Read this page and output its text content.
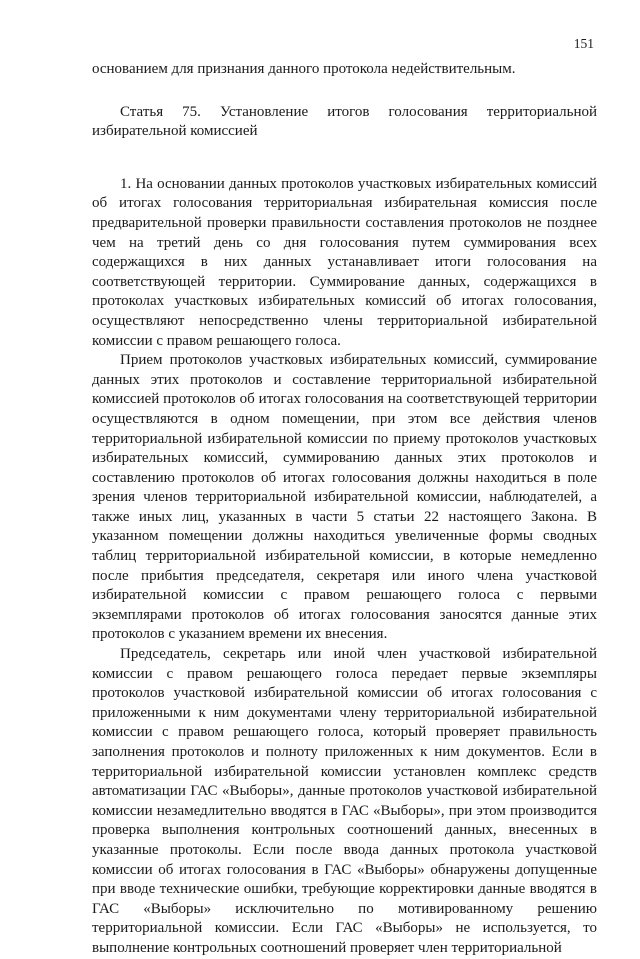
151

основанием для признания данного протокола недействительным.

Статья 75. Установление итогов голосования территориальной избирательной комиссией

1. На основании данных протоколов участковых избирательных комиссий об итогах голосования территориальная избирательная комиссия после предварительной проверки правильности составления протоколов не позднее чем на третий день со дня голосования путем суммирования всех содержащихся в них данных устанавливает итоги голосования на соответствующей территории. Суммирование данных, содержащихся в протоколах участковых избирательных комиссий об итогах голосования, осуществляют непосредственно члены территориальной избирательной комиссии с правом решающего голоса.

Прием протоколов участковых избирательных комиссий, суммирование данных этих протоколов и составление территориальной избирательной комиссией протоколов об итогах голосования на соответствующей территории осуществляются в одном помещении, при этом все действия членов территориальной избирательной комиссии по приему протоколов участковых избирательных комиссий, суммированию данных этих протоколов и составлению протоколов об итогах голосования должны находиться в поле зрения членов территориальной избирательной комиссии, наблюдателей, а также иных лиц, указанных в части 5 статьи 22 настоящего Закона. В указанном помещении должны находиться увеличенные формы сводных таблиц территориальной избирательной комиссии, в которые немедленно после прибытия председателя, секретаря или иного члена участковой избирательной комиссии с правом решающего голоса с первыми экземплярами протоколов об итогах голосования заносятся данные этих протоколов с указанием времени их внесения.

Председатель, секретарь или иной член участковой избирательной комиссии с правом решающего голоса передает первые экземпляры протоколов участковой избирательной комиссии об итогах голосования с приложенными к ним документами члену территориальной избирательной комиссии с правом решающего голоса, который проверяет правильность заполнения протоколов и полноту приложенных к ним документов. Если в территориальной избирательной комиссии установлен комплекс средств автоматизации ГАС «Выборы», данные протоколов участковой избирательной комиссии незамедлительно вводятся в ГАС «Выборы», при этом производится проверка выполнения контрольных соотношений данных, внесенных в указанные протоколы. Если после ввода данных протокола участковой комиссии об итогах голосования в ГАС «Выборы» обнаружены допущенные при вводе технические ошибки, требующие корректировки данные вводятся в ГАС «Выборы» исключительно по мотивированному решению территориальной комиссии. Если ГАС «Выборы» не используется, то выполнение контрольных соотношений проверяет член территориальной
